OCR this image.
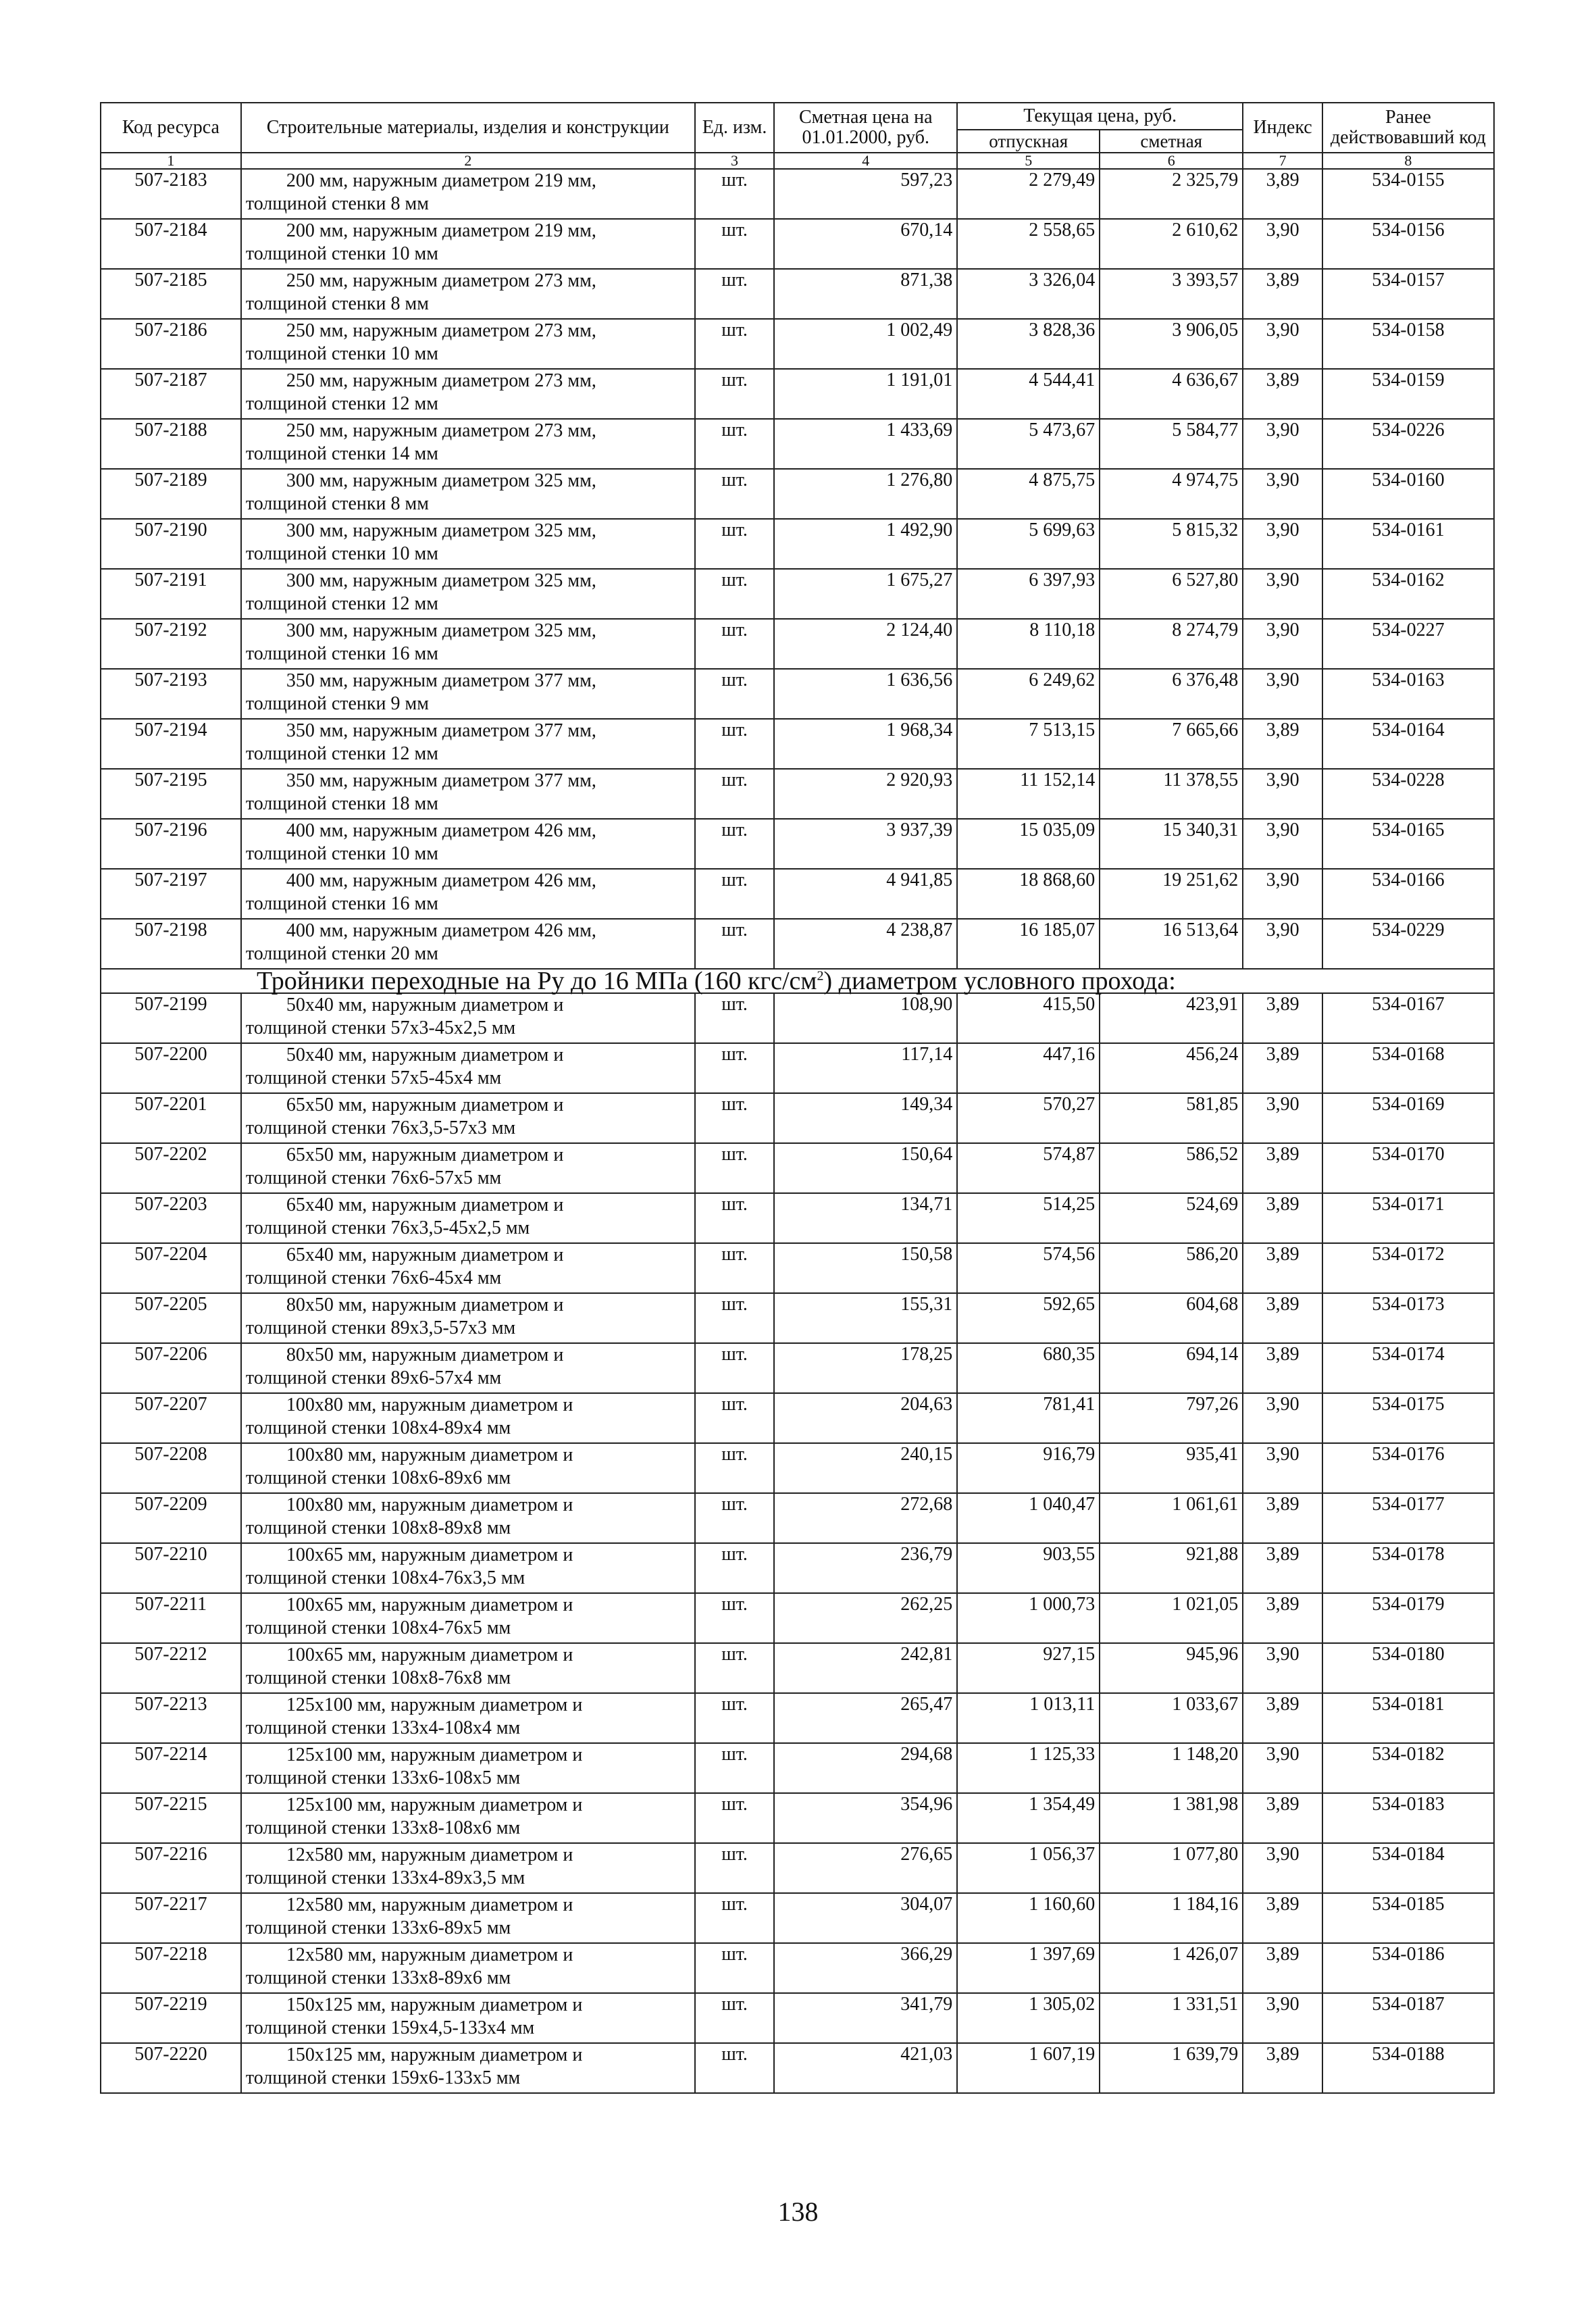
Код ресурса	Строительные материалы, изделия и конструкции	Ед. изм.	Сметная цена на 01.01.2000, руб.	Текущая цена, руб.		Индекс	Ранее действовавший код
				отпускная	сметная		
1	2	3	4	5	6	7	8
507-2183	200 мм, наружным диаметром 219 мм,
толщиной стенки 8 мм	шт.	597,23	2 279,49	2 325,79	3,89	534-0155
507-2184	200 мм, наружным диаметром 219 мм,
толщиной стенки 10 мм	шт.	670,14	2 558,65	2 610,62	3,90	534-0156
507-2185	250 мм, наружным диаметром 273 мм,
толщиной стенки 8 мм	шт.	871,38	3 326,04	3 393,57	3,89	534-0157
507-2186	250 мм, наружным диаметром 273 мм,
толщиной стенки 10 мм	шт.	1 002,49	3 828,36	3 906,05	3,90	534-0158
507-2187	250 мм, наружным диаметром 273 мм,
толщиной стенки 12 мм	шт.	1 191,01	4 544,41	4 636,67	3,89	534-0159
507-2188	250 мм, наружным диаметром 273 мм,
толщиной стенки 14 мм	шт.	1 433,69	5 473,67	5 584,77	3,90	534-0226
507-2189	300 мм, наружным диаметром 325 мм,
толщиной стенки 8 мм	шт.	1 276,80	4 875,75	4 974,75	3,90	534-0160
507-2190	300 мм, наружным диаметром 325 мм,
толщиной стенки 10 мм	шт.	1 492,90	5 699,63	5 815,32	3,90	534-0161
507-2191	300 мм, наружным диаметром 325 мм,
толщиной стенки 12 мм	шт.	1 675,27	6 397,93	6 527,80	3,90	534-0162
507-2192	300 мм, наружным диаметром 325 мм,
толщиной стенки 16 мм	шт.	2 124,40	8 110,18	8 274,79	3,90	534-0227
507-2193	350 мм, наружным диаметром 377 мм,
толщиной стенки 9 мм	шт.	1 636,56	6 249,62	6 376,48	3,90	534-0163
507-2194	350 мм, наружным диаметром 377 мм,
толщиной стенки 12 мм	шт.	1 968,34	7 513,15	7 665,66	3,89	534-0164
507-2195	350 мм, наружным диаметром 377 мм,
толщиной стенки 18 мм	шт.	2 920,93	11 152,14	11 378,55	3,90	534-0228
507-2196	400 мм, наружным диаметром 426 мм,
толщиной стенки 10 мм	шт.	3 937,39	15 035,09	15 340,31	3,90	534-0165
507-2197	400 мм, наружным диаметром 426 мм,
толщиной стенки 16 мм	шт.	4 941,85	18 868,60	19 251,62	3,90	534-0166
507-2198	400 мм, наружным диаметром 426 мм,
толщиной стенки 20 мм	шт.	4 238,87	16 185,07	16 513,64	3,90	534-0229
Тройники переходные на Ру до 16 МПа (160 кгс/$см^2$) диаметром условного прохода:							
507-2199	50х40 мм, наружным диаметром и
толщиной стенки 57х3-45х2,5 мм	шт.	108,90	415,50	423,91	3,89	534-0167
507-2200	50х40 мм, наружным диаметром и
толщиной стенки 57х5-45х4 мм	шт.	117,14	447,16	456,24	3,89	534-0168
507-2201	65х50 мм, наружным диаметром и
толщиной стенки 76х3,5-57х3 мм	шт.	149,34	570,27	581,85	3,90	534-0169
507-2202	65х50 мм, наружным диаметром и
толщиной стенки 76х6-57х5 мм	шт.	150,64	574,87	586,52	3,89	534-0170
507-2203	65х40 мм, наружным диаметром и
толщиной стенки 76х3,5-45х2,5 мм	шт.	134,71	514,25	524,69	3,89	534-0171
507-2204	65х40 мм, наружным диаметром и
толщиной стенки 76х6-45х4 мм	шт.	150,58	574,56	586,20	3,89	534-0172
507-2205	80х50 мм, наружным диаметром и
толщиной стенки 89х3,5-57х3 мм	шт.	155,31	592,65	604,68	3,89	534-0173
507-2206	80х50 мм, наружным диаметром и
толщиной стенки 89х6-57х4 мм	шт.	178,25	680,35	694,14	3,89	534-0174
507-2207	100х80 мм, наружным диаметром и
толщиной стенки 108х4-89х4 мм	шт.	204,63	781,41	797,26	3,90	534-0175
507-2208	100х80 мм, наружным диаметром и
толщиной стенки 108х6-89х6 мм	шт.	240,15	916,79	935,41	3,90	534-0176
507-2209	100х80 мм, наружным диаметром и
толщиной стенки 108х8-89х8 мм	шт.	272,68	1 040,47	1 061,61	3,89	534-0177
507-2210	100х65 мм, наружным диаметром и
толщиной стенки 108х4-76х3,5 мм	шт.	236,79	903,55	921,88	3,89	534-0178
507-2211	100х65 мм, наружным диаметром и
толщиной стенки 108х4-76х5 мм	шт.	262,25	1 000,73	1 021,05	3,89	534-0179
507-2212	100х65 мм, наружным диаметром и
толщиной стенки 108х8-76х8 мм	шт.	242,81	927,15	945,96	3,90	534-0180
507-2213	125х100 мм, наружным диаметром и
толщиной стенки 133х4-108х4 мм	шт.	265,47	1 013,11	1 033,67	3,89	534-0181
507-2214	125х100 мм, наружным диаметром и
толщиной стенки 133х6-108х5 мм	шт.	294,68	1 125,33	1 148,20	3,90	534-0182
507-2215	125х100 мм, наружным диаметром и
толщиной стенки 133х8-108х6 мм	шт.	354,96	1 354,49	1 381,98	3,89	534-0183
507-2216	12х580 мм, наружным диаметром и
толщиной стенки 133х4-89х3,5 мм	шт.	276,65	1 056,37	1 077,80	3,90	534-0184
507-2217	12х580 мм, наружным диаметром и
толщиной стенки 133х6-89х5 мм	шт.	304,07	1 160,60	1 184,16	3,89	534-0185
507-2218	12х580 мм, наружным диаметром и
толщиной стенки 133х8-89х6 мм	шт.	366,29	1 397,69	1 426,07	3,89	534-0186
507-2219	150х125 мм, наружным диаметром и
толщиной стенки 159х4,5-133х4 мм	шт.	341,79	1 305,02	1 331,51	3,90	534-0187
507-2220	150х125 мм, наружным диаметром и
толщиной стенки 159х6-133х5 мм	шт.	421,03	1 607,19	1 639,79	3,89	534-0188
138
